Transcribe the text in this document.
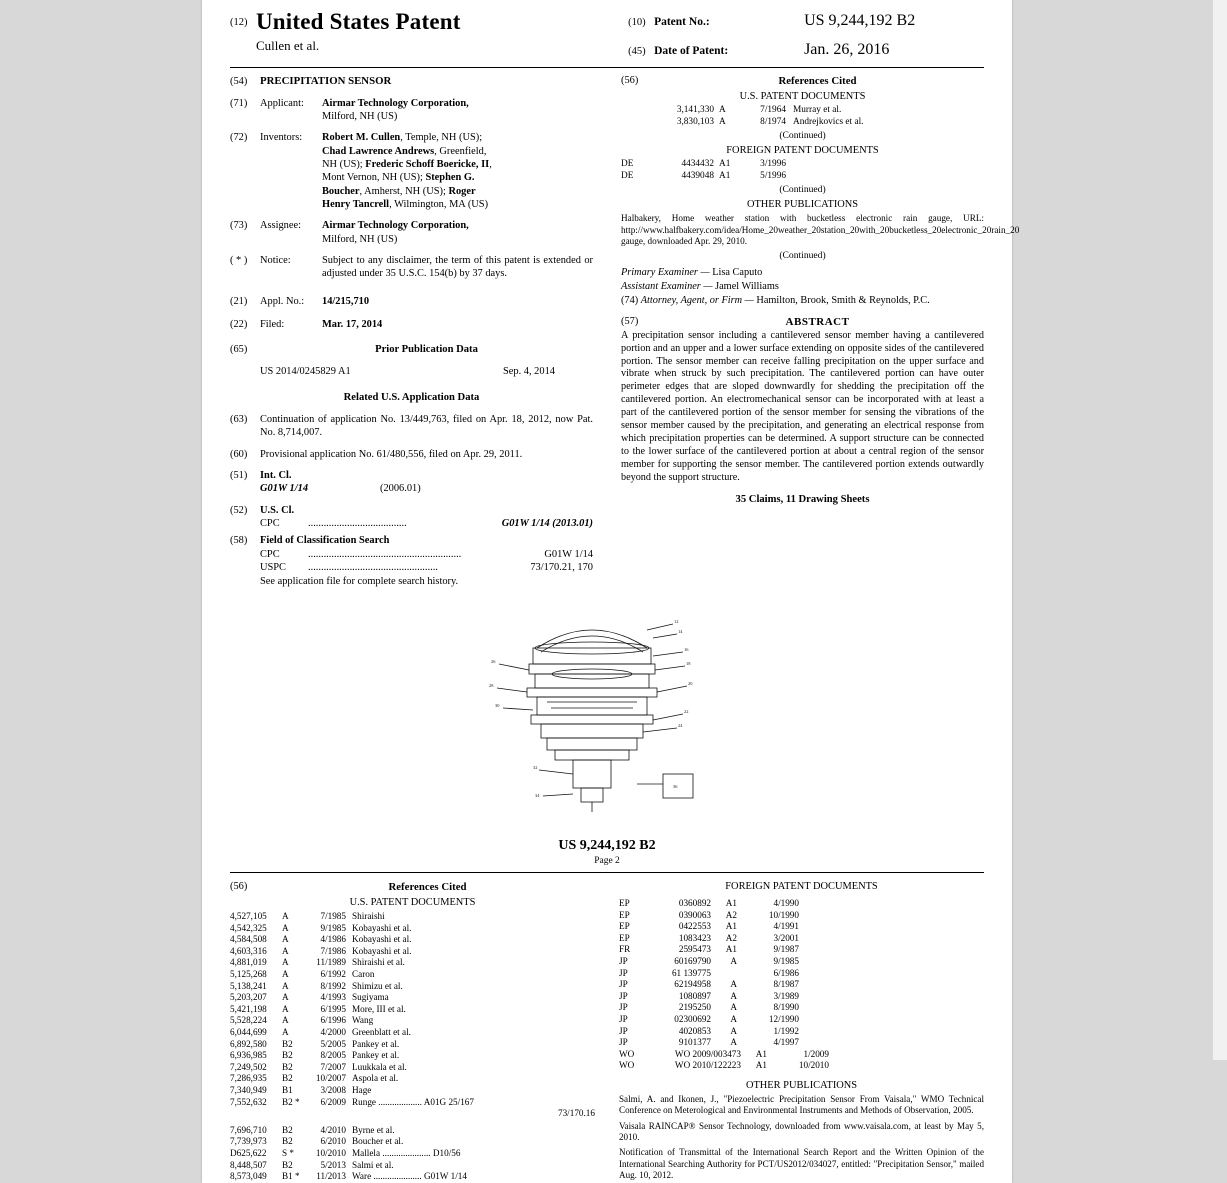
(12) United States Patent
Cullen et al.
(10) Patent No.:	US 9,244,192 B2
(45) Date of Patent:	Jan. 26, 2016
(54)	PRECIPITATION SENSOR
(71)	Applicant:	Airmar Technology Corporation,
Milford, NH (US)
(72)	Inventors:	Robert M. Cullen, Temple, NH (US);
Chad Lawrence Andrews, Greenfield,
NH (US); Frederic Schoff Boericke, II,
Mont Vernon, NH (US); Stephen G.
Boucher, Amherst, NH (US); Roger
Henry Tancrell, Wilmington, MA (US)
(73)	Assignee:	Airmar Technology Corporation,
Milford, NH (US)
( * )	Notice:	Subject to any disclaimer, the term of this patent is extended or adjusted under 35 U.S.C. 154(b) by 37 days.
(21)	Appl. No.:	14/215,710
(22)	Filed:	Mar. 17, 2014
(65)	Prior Publication Data
US 2014/0245829 A1	Sep. 4, 2014
Related U.S. Application Data
(63)	Continuation of application No. 13/449,763, filed on Apr. 18, 2012, now Pat. No. 8,714,007.
(60)	Provisional application No. 61/480,556, filed on Apr. 29, 2011.
(51)	Int. Cl.
G01W 1/14	(2006.01)
(52)	U.S. Cl.
CPC	......................................	G01W 1/14 (2013.01)
(58)	Field of Classification Search
CPC	...........................................................	G01W 1/14
USPC	..................................................	73/170.21, 170
See application file for complete search history.
(56)	References Cited
U.S. PATENT DOCUMENTS
3,141,330 A	7/1964 Murray et al.
3,830,103 A	8/1974 Andrejkovics et al.
(Continued)
FOREIGN PATENT DOCUMENTS
DE	4434432 A1	3/1996
DE	4439048 A1	5/1996
(Continued)
OTHER PUBLICATIONS
Halbakery, Home weather station with bucketless electronic rain gauge, URL: http://www.halfbakery.com/idea/Home_20weather_20station_20with_20bucketless_20electronic_20rain_20 gauge, downloaded Apr. 29, 2010.
(Continued)
Primary Examiner — Lisa Caputo
Assistant Examiner — Jamel Williams
(74) Attorney, Agent, or Firm — Hamilton, Brook, Smith & Reynolds, P.C.
(57)	ABSTRACT
A precipitation sensor including a cantilevered sensor member having a cantilevered portion and an upper and a lower surface extending on opposite sides of the cantilevered portion. The sensor member can receive falling precipitation on the upper surface and vibrate when struck by such precipitation. The cantilevered portion can have outer perimeter edges that are sloped downwardly for shedding the precipitation off the cantilevered portion. An electromechanical sensor can be incorporated with at least a part of the cantilevered portion of the sensor member for sensing the vibrations of the sensor member caused by the precipitation, and generating an electrical response from which precipitation properties can be determined. A support structure can be connected to the lower surface of the cantilevered portion at about a central region of the sensor member for supporting the sensor member. The cantilevered portion extends outwardly beyond the support structure.
35 Claims, 11 Drawing Sheets
12
14
16
18
20
22
24
26
28
30
32
34
36
US 9,244,192 B2
Page 2
(56)	References Cited
U.S. PATENT DOCUMENTS
4,527,105	A	7/1985 Shiraishi
4,542,325	A	9/1985 Kobayashi et al.
4,584,508	A	4/1986 Kobayashi et al.
4,603,316	A	7/1986 Kobayashi et al.
4,881,019	A	11/1989 Shiraishi et al.
5,125,268	A	6/1992 Caron
5,138,241	A	8/1992 Shimizu et al.
5,203,207	A	4/1993 Sugiyama
5,421,198	A	6/1995 More, III et al.
5,528,224	A	6/1996 Wang
6,044,699	A	4/2000 Greenblatt et al.
6,892,580	B2	5/2005 Pankey et al.
6,936,985	B2	8/2005 Pankey et al.
7,249,502	B2	7/2007 Luukkala et al.
7,286,935	B2	10/2007 Aspola et al.
7,340,949	B1	3/2008 Hage
7,552,632	B2 *	6/2009 Runge ................... A01G 25/167
73/170.16
7,696,710	B2	4/2010 Byrne et al.
7,739,973	B2	6/2010 Boucher et al.
D625,622	S *	10/2010 Mallela ..................... D10/56
8,448,507	B2	5/2013 Salmi et al.
8,573,049	B1 *	11/2013 Ware ..................... G01W 1/14
FOREIGN PATENT DOCUMENTS
EP	0360892	A1	4/1990
EP	0390063	A2	10/1990
EP	0422553	A1	4/1991
EP	1083423	A2	3/2001
FR	2595473	A1	9/1987
JP	60169790	A	9/1985
JP	61 139775	6/1986
JP	62194958	A	8/1987
JP	1080897	A	3/1989
JP	2195250	A	8/1990
JP	02300692	A	12/1990
JP	4020853	A	1/1992
JP	9101377	A	4/1997
WO	WO 2009/003473	A1	1/2009
WO	WO 2010/122223	A1	10/2010
OTHER PUBLICATIONS
Salmi, A. and Ikonen, J., "Piezoelectric Precipitation Sensor From Vaisala," WMO Technical Conference on Meterological and Environmental Instruments and Methods of Observation, 2005.
Vaisala RAINCAP® Sensor Technology, downloaded from www.vaisala.com, at least by May 5, 2010.
Notification of Transmittal of the International Search Report and the Written Opinion of the International Searching Authority for PCT/US2012/034027, entitled: "Precipitation Sensor," mailed Aug. 10, 2012.
